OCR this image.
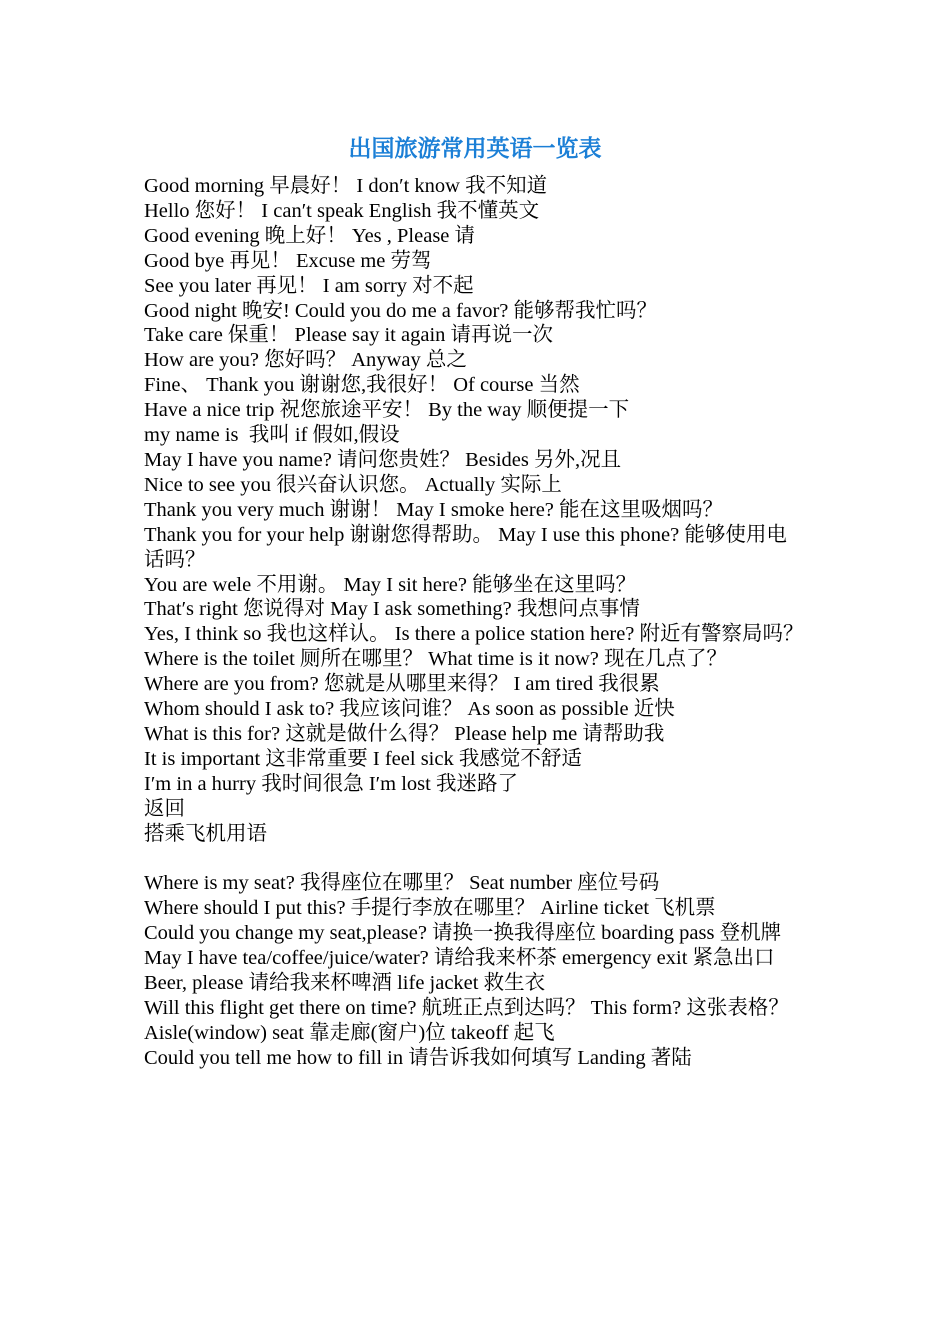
出国旅游常用英语一览表
Good morning 早晨好！ I don′t know 我不知道
Hello 您好！ I can′t speak English 我不懂英文
Good evening 晚上好！ Yes , Please 请
Good bye 再见！ Excuse me 劳驾
See you later 再见！ I am sorry 对不起
Good night 晚安! Could you do me a favor? 能够帮我忙吗？
Take care 保重！ Please say it again 请再说一次
How are you? 您好吗？ Anyway 总之
Fine、 Thank you 谢谢您,我很好！ Of course 当然
Have a nice trip 祝您旅途平安！ By the way 顺便提一下
my name is  我叫 if 假如,假设
May I have you name? 请问您贵姓？ Besides 另外,况且
Nice to see you 很兴奋认识您。 Actually 实际上
Thank you very much 谢谢！ May I smoke here? 能在这里吸烟吗？
Thank you for your help 谢谢您得帮助。 May I use this phone? 能够使用电话吗？
You are wele 不用谢。 May I sit here? 能够坐在这里吗？
That′s right 您说得对 May I ask something? 我想问点事情
Yes, I think so 我也这样认。 Is there a police station here? 附近有警察局吗？
Where is the toilet 厕所在哪里？ What time is it now? 现在几点了？
Where are you from? 您就是从哪里来得？ I am tired 我很累
Whom should I ask to? 我应该问谁？ As soon as possible 近快
What is this for? 这就是做什么得？ Please help me 请帮助我
It is important 这非常重要 I feel sick 我感觉不舒适
I′m in a hurry 我时间很急 I′m lost 我迷路了
返回
搭乘飞机用语
Where is my seat? 我得座位在哪里？ Seat number 座位号码
Where should I put this? 手提行李放在哪里？ Airline ticket 飞机票
Could you change my seat,please? 请换一换我得座位 boarding pass 登机牌
May I have tea/coffee/juice/water? 请给我来杯茶 emergency exit 紧急出口
Beer, please 请给我来杯啤酒 life jacket 救生衣
Will this flight get there on time? 航班正点到达吗？ This form? 这张表格？
Aisle(window) seat 靠走廊(窗户)位 takeoff 起飞
Could you tell me how to fill in 请告诉我如何填写 Landing 著陆
